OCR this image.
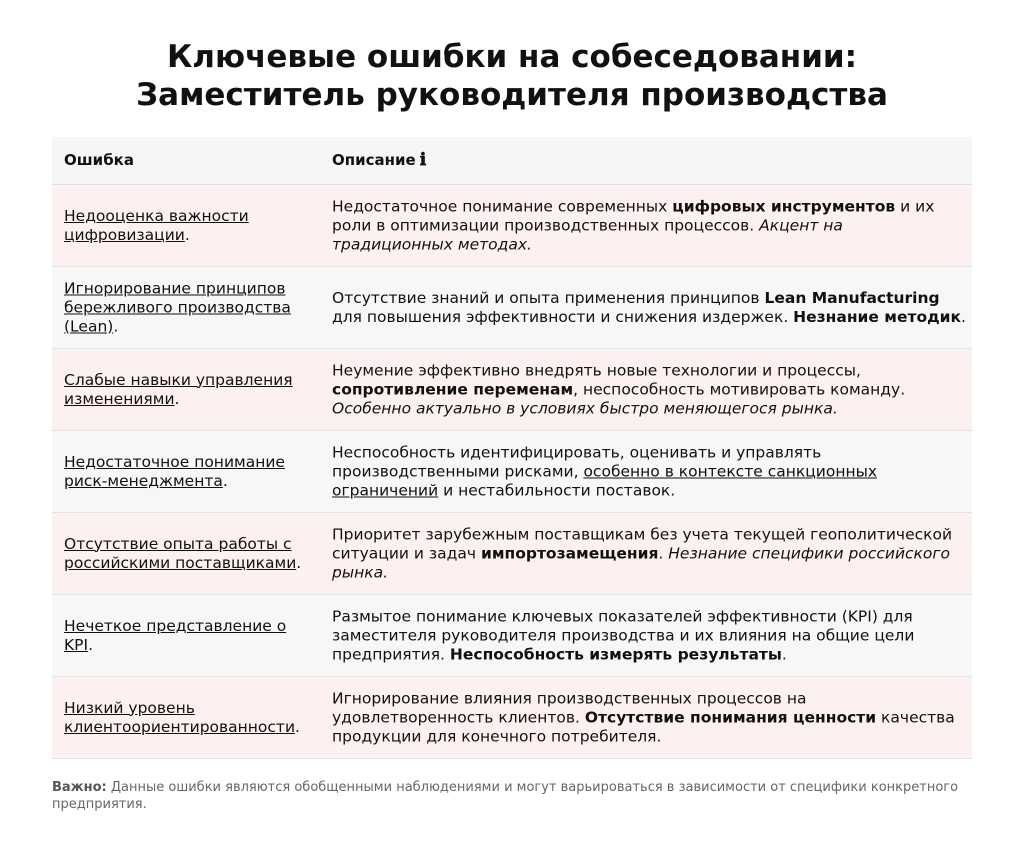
Ключевые ошибки на собеседовании:
Заместитель руководителя производства
Ошибка	Описание ℹ
Недооценка важности цифровизации.
Недостаточное понимание современных цифровых инструментов и их роли в оптимизации производственных процессов. Акцент на традиционных методах.
Игнорирование принципов бережливого производства (Lean).
Отсутствие знаний и опыта применения принципов Lean Manufacturing для повышения эффективности и снижения издержек. Незнание методик.
Слабые навыки управления изменениями.
Неумение эффективно внедрять новые технологии и процессы, сопротивление переменам, неспособность мотивировать команду. Особенно актуально в условиях быстро меняющегося рынка.
Недостаточное понимание риск-менеджмента.
Неспособность идентифицировать, оценивать и управлять производственными рисками, особенно в контексте санкционных ограничений и нестабильности поставок.
Отсутствие опыта работы с российскими поставщиками.
Приоритет зарубежным поставщикам без учета текущей геополитической ситуации и задач импортозамещения. Незнание специфики российского рынка.
Нечеткое представление о KPI.
Размытое понимание ключевых показателей эффективности (KPI) для заместителя руководителя производства и их влияния на общие цели предприятия. Неспособность измерять результаты.
Низкий уровень клиентоориентированности.
Игнорирование влияния производственных процессов на удовлетворенность клиентов. Отсутствие понимания ценности качества продукции для конечного потребителя.
Важно: Данные ошибки являются обобщенными наблюдениями и могут варьироваться в зависимости от специфики конкретного предприятия.
